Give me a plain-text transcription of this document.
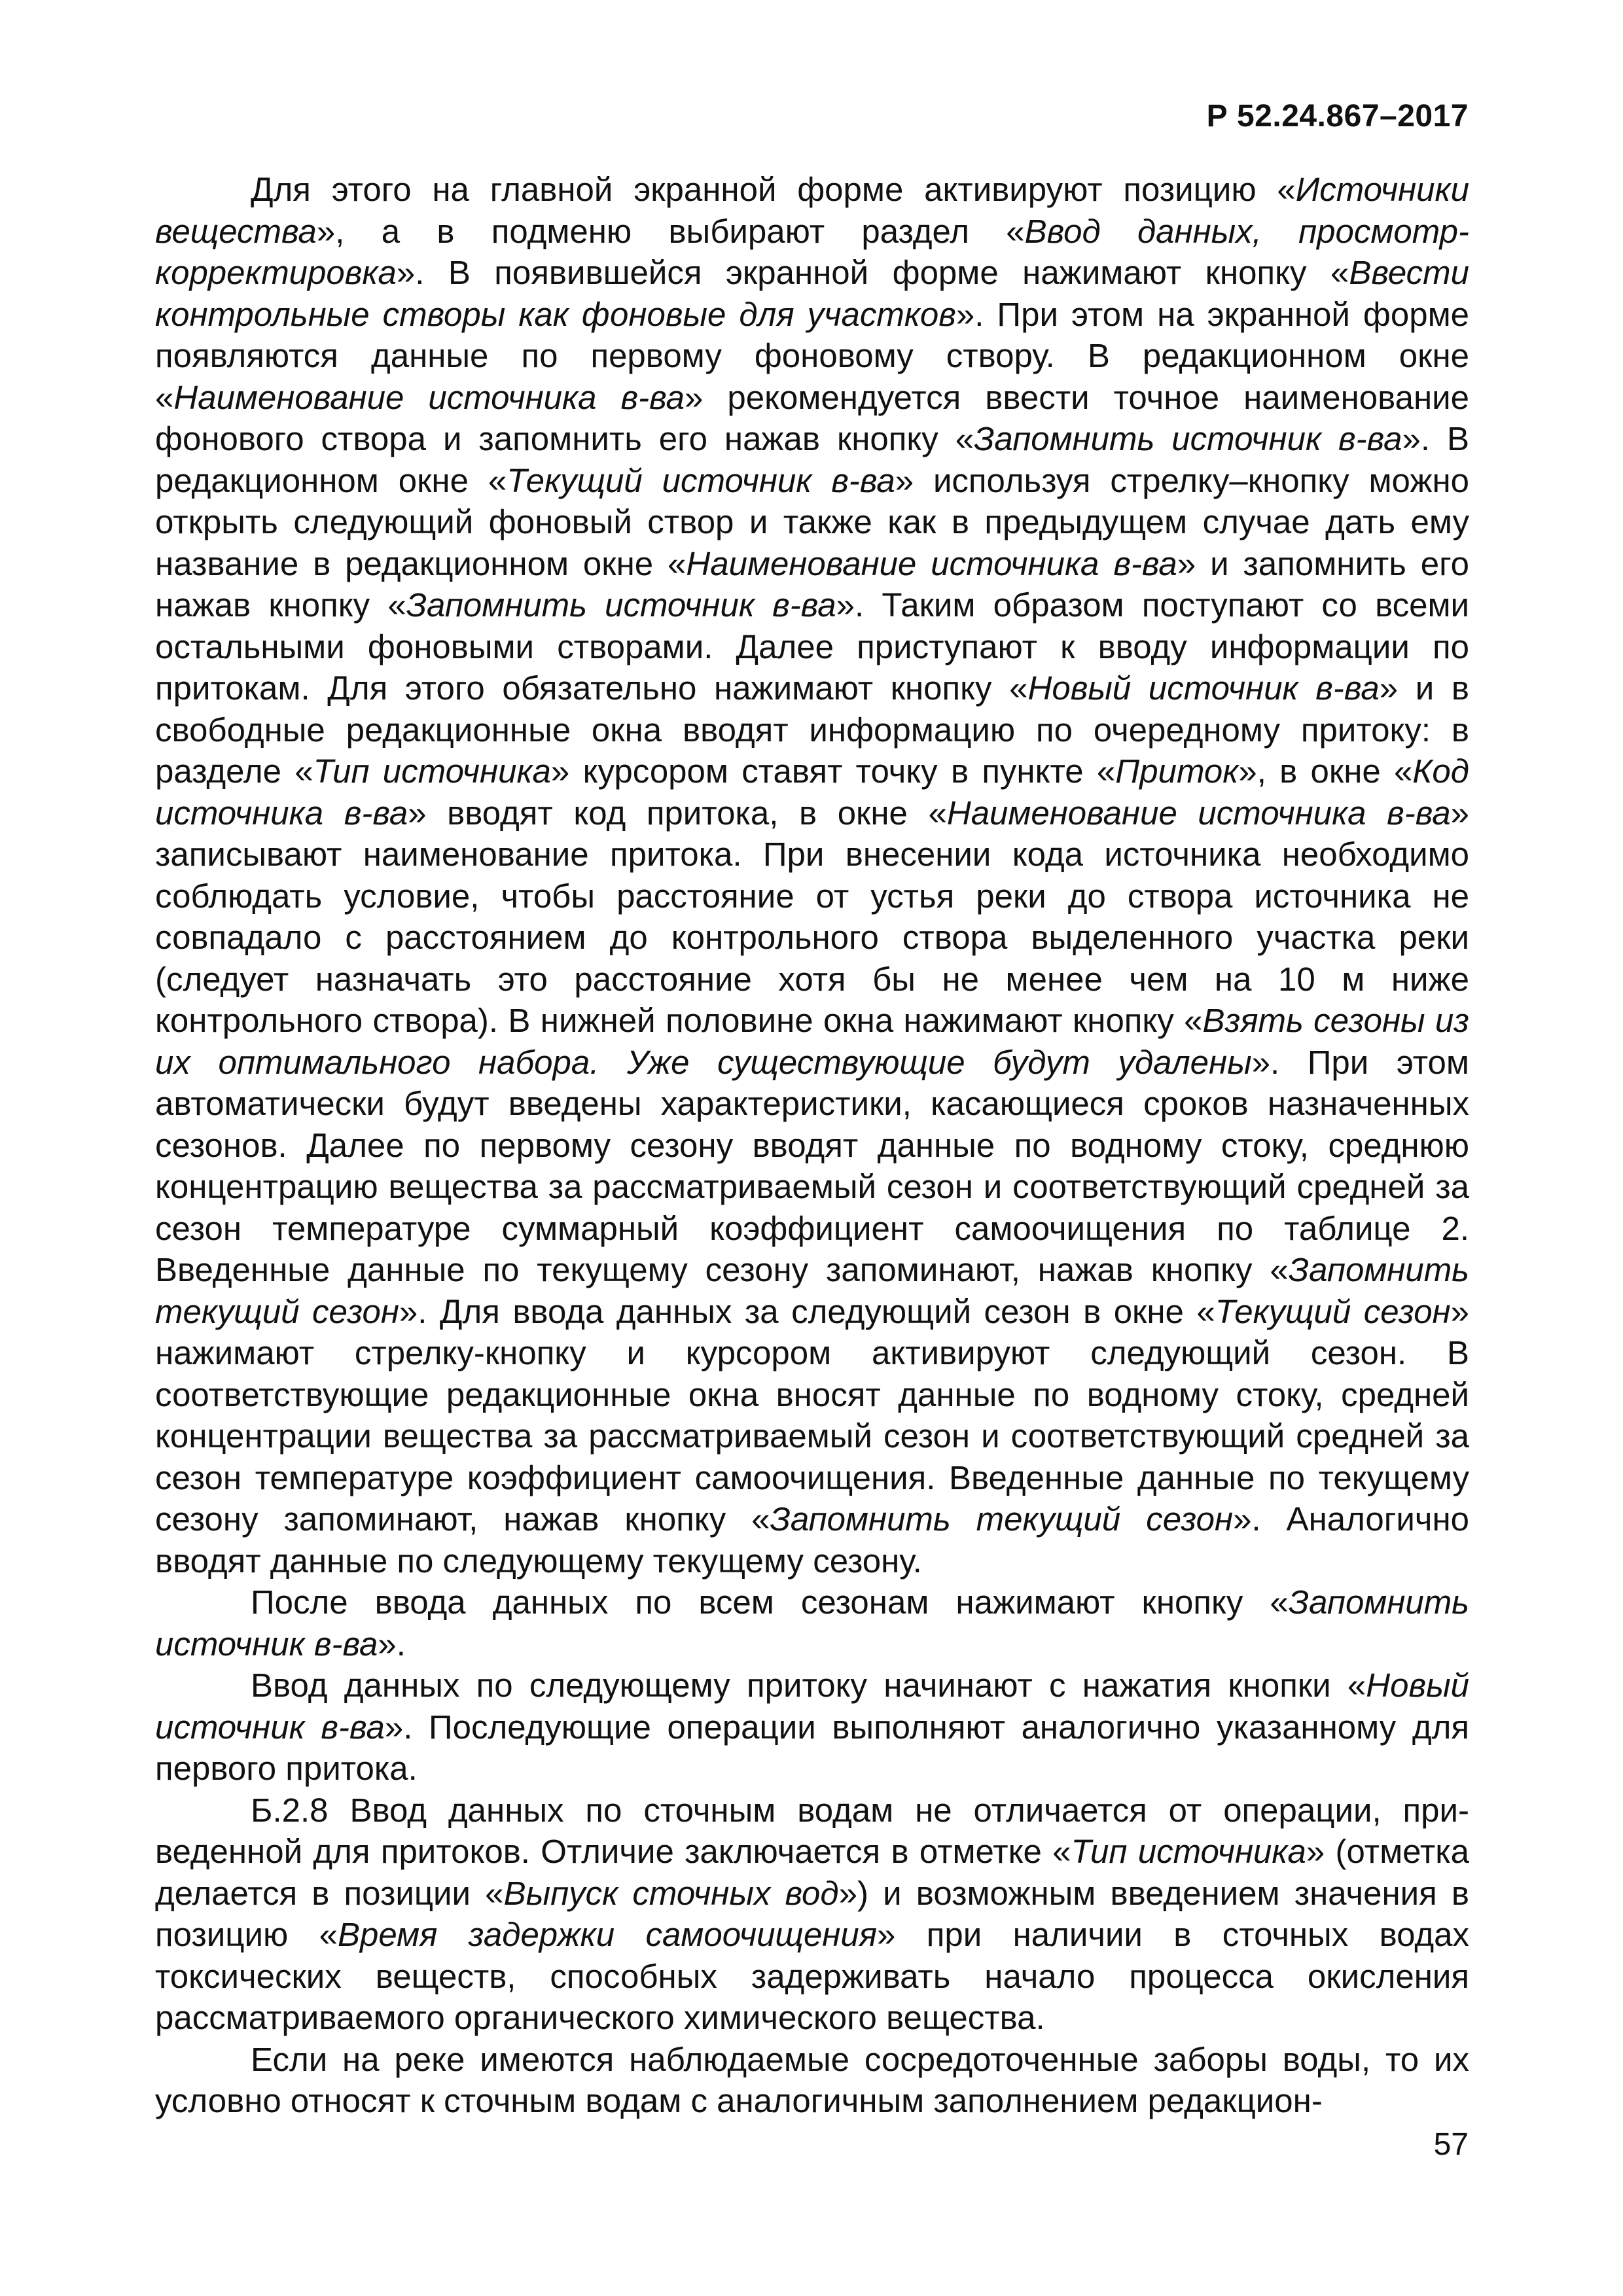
Р 52.24.867–2017

Для этого на главной экранной форме активируют позицию «Источники вещества», а в подменю выбирают раздел «Ввод данных, просмотр-корректировка». В появившейся экранной форме нажимают кнопку «Ввести контрольные створы как фоновые для участков». При этом на экранной форме появляются данные по первому фоновому створу. В редакционном окне «Наименование источника в-ва» рекомендуется ввести точное наименование фонового створа и запомнить его нажав кнопку «Запомнить источник в-ва». В редакционном окне «Текущий источник в-ва» используя стрелку–кнопку можно открыть следующий фоновый створ и также как в предыдущем случае дать ему название в редакционном окне «Наименование источника в-ва» и запомнить его нажав кнопку «Запомнить источник в-ва». Таким образом поступают со всеми остальными фоновыми створами. Далее приступают к вводу информации по притокам. Для этого обязательно нажимают кнопку «Новый источник в-ва» и в свободные редакционные окна вводят информацию по очередному притоку: в разделе «Тип источника» курсором ставят точку в пункте «Приток», в окне «Код источника в-ва» вводят код притока, в окне «Наименование источника в-ва» записывают наименование притока. При внесении кода источника необходимо соблюдать условие, чтобы расстояние от устья реки до створа источника не совпадало с расстоянием до контрольного створа выделенного участка реки (следует назначать это расстояние хотя бы не менее чем на 10 м ниже контрольного створа). В нижней половине окна нажимают кнопку «Взять сезоны из их оптимального набора. Уже существующие будут удалены». При этом автоматически будут введены характеристики, касающиеся сроков назначенных сезонов. Далее по первому сезону вводят данные по водному стоку, среднюю концентрацию вещества за рассматриваемый сезон и соответствующий средней за сезон температуре суммарный коэффициент самоочищения по таблице 2. Введенные данные по текущему сезону запоминают, нажав кнопку «Запомнить текущий сезон». Для ввода данных за следующий сезон в окне «Текущий сезон» нажимают стрелку-кнопку и курсором активируют следующий сезон. В соответствующие редакционные окна вносят данные по водному стоку, средней концентрации вещества за рассматриваемый сезон и соответствующий средней за сезон температуре коэффициент самоочищения. Введенные данные по текущему сезону запоминают, нажав кнопку «Запомнить текущий сезон». Аналогично вводят данные по следующему текущему сезону.

После ввода данных по всем сезонам нажимают кнопку «Запомнить источник в-ва».

Ввод данных по следующему притоку начинают с нажатия кнопки «Новый источник в-ва». Последующие операции выполняют аналогично указанному для первого притока.

Б.2.8 Ввод данных по сточным водам не отличается от операции, приведенной для притоков. Отличие заключается в отметке «Тип источника» (отметка делается в позиции «Выпуск сточных вод») и возможным введением значения в позицию «Время задержки самоочищения» при наличии в сточных водах токсических веществ, способных задерживать начало процесса окисления рассматриваемого органического химического вещества.

Если на реке имеются наблюдаемые сосредоточенные заборы воды, то их условно относят к сточным водам с аналогичным заполнением редакцион-

57
